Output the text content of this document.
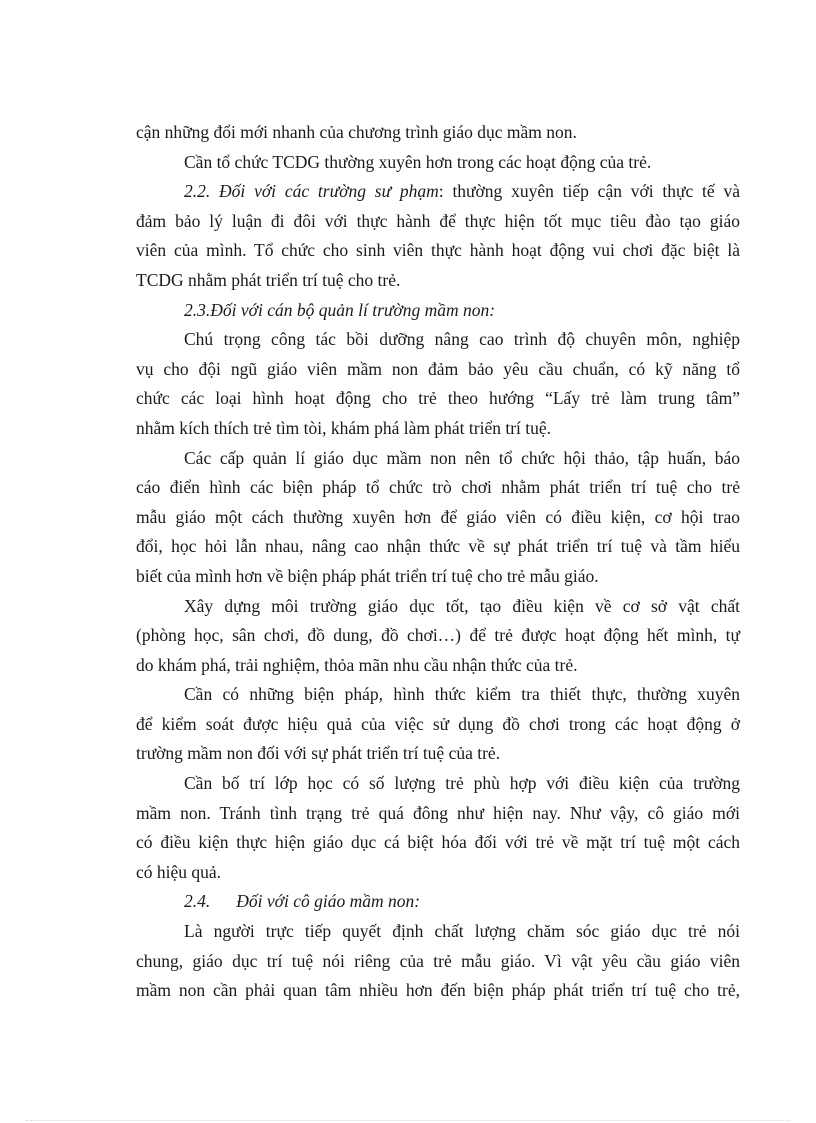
cận những đổi mới nhanh của chương trình giáo dục mầm non.
Cần tổ chức TCDG thường xuyên hơn trong các hoạt động của trẻ.
2.2. Đối với các trường sư phạm: thường xuyên tiếp cận với thực tế và
đảm bảo lý luận đi đôi với thực hành để thực hiện tốt mục tiêu đào tạo giáo
viên của mình. Tổ chức cho sinh viên thực hành hoạt động vui chơi đặc biệt là
TCDG nhằm phát triển trí tuệ cho trẻ.
2.3.Đối với cán bộ quản lí trường mầm non:
Chú trọng công tác bồi dưỡng nâng cao trình độ chuyên môn, nghiệp
vụ cho đội ngũ giáo viên mầm non đảm bảo yêu cầu chuẩn, có kỹ năng tổ
chức các loại hình hoạt động cho trẻ theo hướng “Lấy trẻ làm trung tâm”
nhằm kích thích trẻ tìm tòi, khám phá làm phát triển trí tuệ.
Các cấp quản lí giáo dục mầm non nên tổ chức hội thảo, tập huấn, báo
cáo điển hình các biện pháp tổ chức trò chơi nhằm phát triển trí tuệ cho trẻ
mẫu giáo một cách thường xuyên hơn để giáo viên có điều kiện, cơ hội trao
đổi, học hỏi lẫn nhau, nâng cao nhận thức về sự phát triển trí tuệ và tầm hiểu
biết của mình hơn về biện pháp phát triển trí tuệ cho trẻ mẫu giáo.
Xây dựng môi trường giáo dục tốt, tạo điều kiện về cơ sở vật chất
(phòng học, sân chơi, đồ dung, đồ chơi…) để trẻ được hoạt động hết mình, tự
do khám phá, trải nghiệm, thỏa mãn nhu cầu nhận thức của trẻ.
Cần có những biện pháp, hình thức kiểm tra thiết thực, thường xuyên
để kiểm soát được hiệu quả của việc sử dụng đồ chơi trong các hoạt động ở
trường mầm non đối với sự phát triển trí tuệ của trẻ.
Cần bố trí lớp học có số lượng trẻ phù hợp với điều kiện của trường
mầm non. Tránh tình trạng trẻ quá đông như hiện nay. Như vậy, cô giáo mới
có điều kiện thực hiện giáo dục cá biệt hóa đối với trẻ về mặt trí tuệ một cách
có hiệu quả.
2.4. Đối với cô giáo mầm non:
Là người trực tiếp quyết định chất lượng chăm sóc giáo dục trẻ nói
chung, giáo dục trí tuệ nói riêng của trẻ mẫu giáo. Vì vật yêu cầu giáo viên
mầm non cần phải quan tâm nhiều hơn đến biện pháp phát triển trí tuệ cho trẻ,
